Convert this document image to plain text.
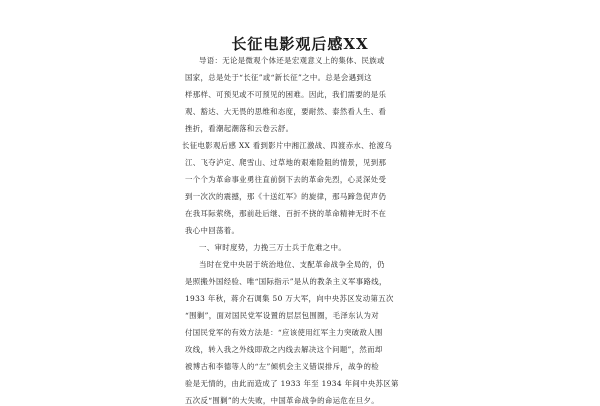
长征电影观后感XX
导语：无论是微观个体还是宏观意义上的集体、民族或
国家，总是处于“长征”或“新长征”之中。总是会遇到这
样那样、可预见或不可预见的困难。因此，我们需要的是乐
观、豁达、大无畏的思维和态度，要耐然、泰然看人生、看
挫折，看潮起潮落和云卷云舒。
长征电影观后感 XX 看到影片中湘江激战、四渡赤水、抢渡乌
江、飞夺泸定、爬雪山、过草地的艰难险阻的情景，见到那
一个个为革命事业勇往直前倒下去的革命先烈，心灵深处受
到一次次的震撼，那《十送红军》的旋律，那马蹄急促声仍
在我耳际萦绕，那前赴后继、百折不挠的革命精神无时不在
我心中回荡着。
一、审时度势，力挽三万士兵于危难之中。
当时在党中央居于统治地位、支配革命战争全局的，仍
是照搬外国经验、唯“国际指示”是从的教条主义军事路线，
1933 年秋，蒋介石调集 50 万大军，向中央苏区发动第五次
“围剿”，面对国民党军设置的层层包围圈，毛泽东认为对
付国民党军的有效方法是：“应该使用红军主力突破敌人围
攻线，转入我之外线即敌之内线去解决这个问题”，然而却
被博古和李德等人的“左”倾机会主义错误排斥，战争的检
验是无情的，由此而造成了 1933 年至 1934 年间中央苏区第
五次反“围剿”的大失败，中国革命战争的命运危在旦夕。
